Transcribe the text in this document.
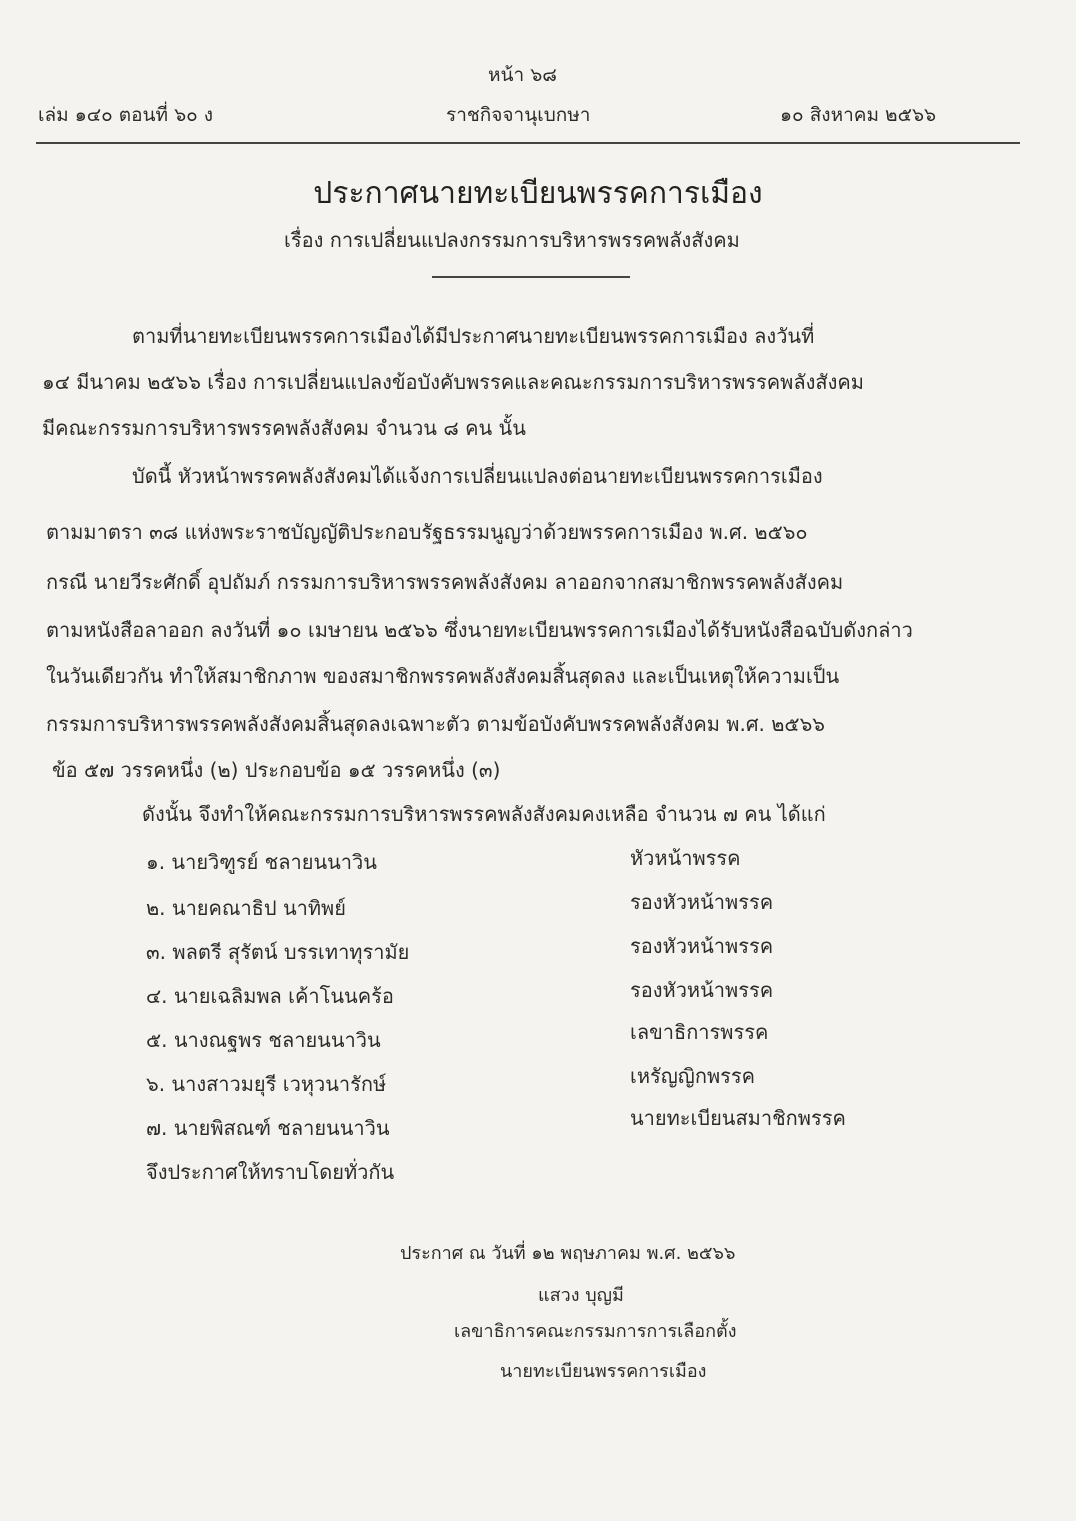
หน้า ๖๘
เล่ม ๑๔๐ ตอนที่ ๖๐ ง	ราชกิจจานุเบกษา	๑๐ สิงหาคม ๒๕๖๖
ประกาศนายทะเบียนพรรคการเมือง
เรื่อง การเปลี่ยนแปลงกรรมการบริหารพรรคพลังสังคม
ตามที่นายทะเบียนพรรคการเมืองได้มีประกาศนายทะเบียนพรรคการเมือง ลงวันที่
๑๔ มีนาคม ๒๕๖๖ เรื่อง การเปลี่ยนแปลงข้อบังคับพรรคและคณะกรรมการบริหารพรรคพลังสังคม
มีคณะกรรมการบริหารพรรคพลังสังคม จำนวน ๘ คน นั้น
บัดนี้ หัวหน้าพรรคพลังสังคมได้แจ้งการเปลี่ยนแปลงต่อนายทะเบียนพรรคการเมือง
ตามมาตรา ๓๘ แห่งพระราชบัญญัติประกอบรัฐธรรมนูญว่าด้วยพรรคการเมือง พ.ศ. ๒๕๖๐
กรณี นายวีระศักดิ์ อุปถัมภ์ กรรมการบริหารพรรคพลังสังคม ลาออกจากสมาชิกพรรคพลังสังคม
ตามหนังสือลาออก ลงวันที่ ๑๐ เมษายน ๒๕๖๖ ซึ่งนายทะเบียนพรรคการเมืองได้รับหนังสือฉบับดังกล่าว
ในวันเดียวกัน ทำให้สมาชิกภาพ ของสมาชิกพรรคพลังสังคมสิ้นสุดลง และเป็นเหตุให้ความเป็น
กรรมการบริหารพรรคพลังสังคมสิ้นสุดลงเฉพาะตัว ตามข้อบังคับพรรคพลังสังคม พ.ศ. ๒๕๖๖
ข้อ ๕๗ วรรคหนึ่ง (๒) ประกอบข้อ ๑๕ วรรคหนึ่ง (๓)
ดังนั้น จึงทำให้คณะกรรมการบริหารพรรคพลังสังคมคงเหลือ จำนวน ๗ คน ได้แก่
๑. นายวิฑูรย์ ชลายนนาวิน	หัวหน้าพรรค
๒. นายคณาธิป นาทิพย์	รองหัวหน้าพรรค
๓. พลตรี สุรัตน์ บรรเทาทุรามัย	รองหัวหน้าพรรค
๔. นายเฉลิมพล เค้าโนนคร้อ	รองหัวหน้าพรรค
๕. นางณฐพร ชลายนนาวิน	เลขาธิการพรรค
๖. นางสาวมยุรี เวหุวนารักษ์	เหรัญญิกพรรค
๗. นายพิสณฑ์ ชลายนนาวิน	นายทะเบียนสมาชิกพรรค
จึงประกาศให้ทราบโดยทั่วกัน
ประกาศ ณ วันที่ ๑๒ พฤษภาคม พ.ศ. ๒๕๖๖
แสวง บุญมี
เลขาธิการคณะกรรมการการเลือกตั้ง
นายทะเบียนพรรคการเมือง
